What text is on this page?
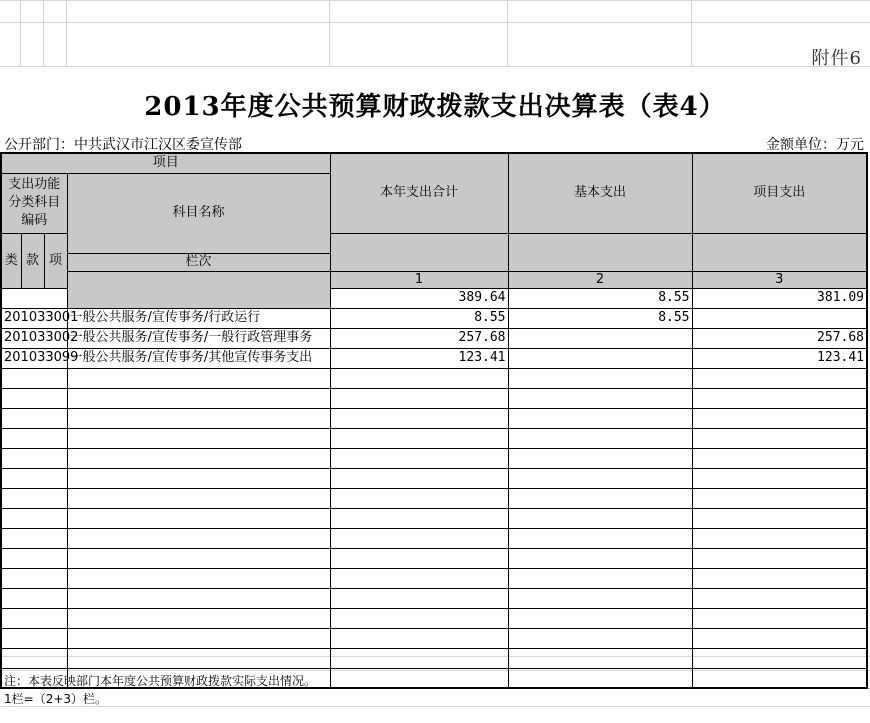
附件6
2013年度公共预算财政拨款支出决算表（表4）
公开部门：中共武汉市江汉区委宣传部	金额单位：万元
项目				本年支出合计	基本支出	项目支出
支出功能分类科目编码			科目名称			
类	款	项				
			栏次			
				1	2	3
				389.64	8.55	381.09
201033001			一般公共服务/宣传事务/行政运行	8.55	8.55	
201033002			一般公共服务/宣传事务/一般行政管理事务	257.68		257.68
201033099			一般公共服务/宣传事务/其他宣传事务支出	123.41		123.41

注：本表反映部门本年度公共预算财政拨款实际支出情况。
1栏=（2+3）栏。
